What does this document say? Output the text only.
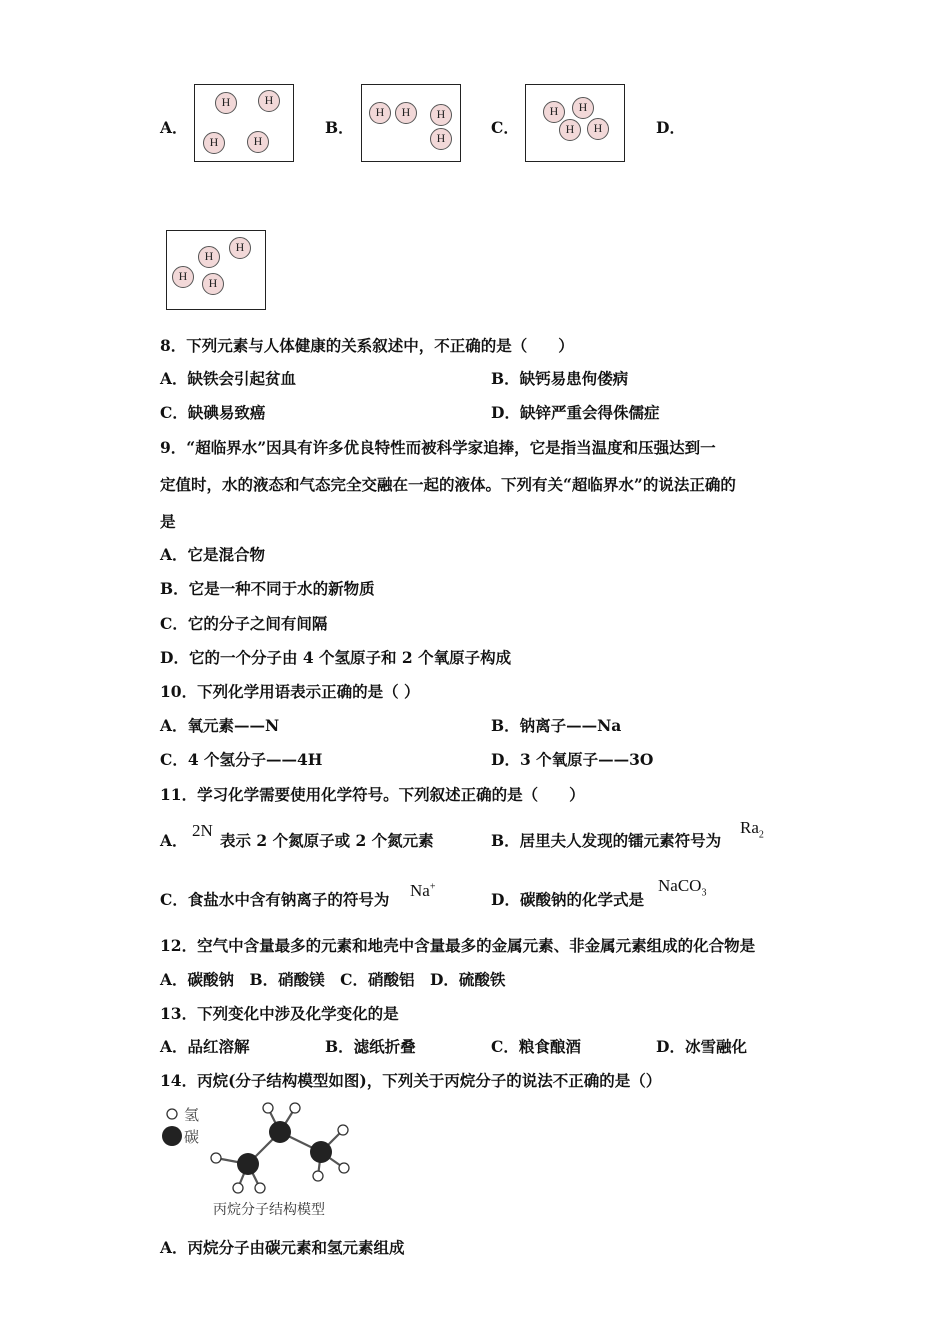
A．
H	H
H	H
B．
H	H	H
H
C．
H	H
H	H	D．
H
H
H	H
8．下列元素与人体健康的关系叙述中，不正确的是（　　）
A．缺铁会引起贫血	B．缺钙易患佝偻病
C．缺碘易致癌	D．缺锌严重会得侏儒症
9．“超临界水”因具有许多优良特性而被科学家追捧，它是指当温度和压强达到一
定值时，水的液态和气态完全交融在一起的液体。下列有关“超临界水”的说法正确的
是
A．它是混合物
B．它是一种不同于水的新物质
C．它的分子之间有间隔
D．它的一个分子由 4 个氢原子和 2 个氧原子构成
10．下列化学用语表示正确的是（ ）
A．氧元素——N	B．钠离子——Na
C．4 个氢分子——4H	D．3 个氧原子——3O
11．学习化学需要使用化学符号。下列叙述正确的是（　　）
A．
2N
表示 2 个氮原子或 2 个氮元素	B．居里夫人发现的镭元素符号为
$Ra_2$
C．食盐水中含有钠离子的符号为 Na+
D．碳酸钠的化学式是
NaCO$_3$
12．空气中含量最多的元素和地壳中含量最多的金属元素、非金属元素组成的化合物是
A．碳酸钠　B．硝酸镁　C．硝酸铝　D．硫酸铁
13．下列变化中涉及化学变化的是
A．品红溶解	B．滤纸折叠	C．粮食酿酒	D．冰雪融化
14．丙烷(分子结构模型如图)，下列关于丙烷分子的说法不正确的是（）
氢
碳
丙烷分子结构模型
A．丙烷分子由碳元素和氢元素组成
